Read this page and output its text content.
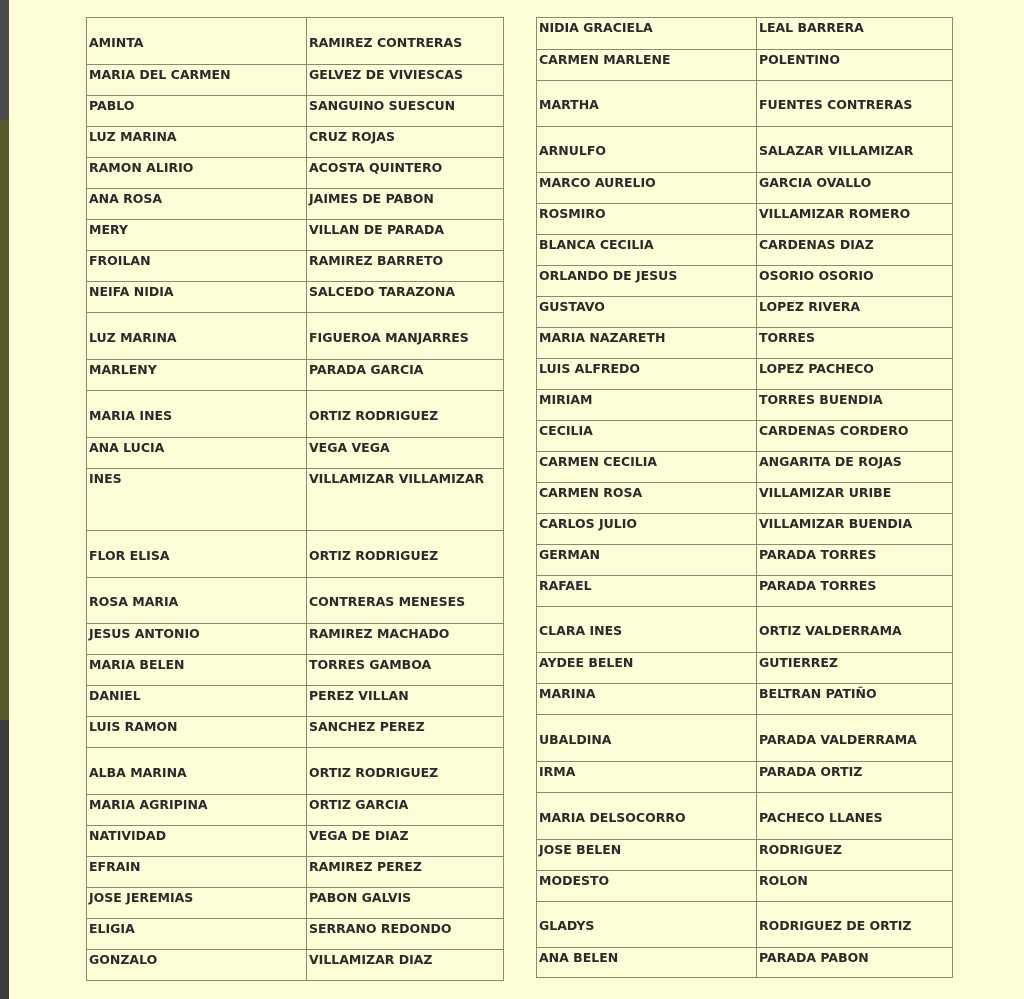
AMINTA	RAMIREZ CONTRERAS
MARIA DEL CARMEN	GELVEZ DE VIVIESCAS
PABLO	SANGUINO SUESCUN
LUZ MARINA	CRUZ ROJAS
RAMON ALIRIO	ACOSTA QUINTERO
ANA ROSA	JAIMES DE PABON
MERY	VILLAN DE PARADA
FROILAN	RAMIREZ BARRETO
NEIFA NIDIA	SALCEDO TARAZONA
LUZ MARINA	FIGUEROA MANJARRES
MARLENY	PARADA GARCIA
MARIA INES	ORTIZ RODRIGUEZ
ANA LUCIA	VEGA VEGA
INES	VILLAMIZAR VILLAMIZAR
FLOR ELISA	ORTIZ RODRIGUEZ
ROSA MARIA	CONTRERAS MENESES
JESUS ANTONIO	RAMIREZ MACHADO
MARIA BELEN	TORRES GAMBOA
DANIEL	PEREZ VILLAN
LUIS RAMON	SANCHEZ PEREZ
ALBA MARINA	ORTIZ RODRIGUEZ
MARIA AGRIPINA	ORTIZ GARCIA
NATIVIDAD	VEGA DE DIAZ
EFRAIN	RAMIREZ PEREZ
JOSE JEREMIAS	PABON GALVIS
ELIGIA	SERRANO REDONDO
GONZALO	VILLAMIZAR DIAZ
NIDIA GRACIELA	LEAL BARRERA
CARMEN MARLENE	POLENTINO
MARTHA	FUENTES CONTRERAS
ARNULFO	SALAZAR VILLAMIZAR
MARCO AURELIO	GARCIA OVALLO
ROSMIRO	VILLAMIZAR ROMERO
BLANCA CECILIA	CARDENAS DIAZ
ORLANDO DE JESUS	OSORIO OSORIO
GUSTAVO	LOPEZ RIVERA
MARIA NAZARETH	TORRES
LUIS ALFREDO	LOPEZ PACHECO
MIRIAM	TORRES BUENDIA
CECILIA	CARDENAS CORDERO
CARMEN CECILIA	ANGARITA DE ROJAS
CARMEN ROSA	VILLAMIZAR URIBE
CARLOS JULIO	VILLAMIZAR BUENDIA
GERMAN	PARADA TORRES
RAFAEL	PARADA TORRES
CLARA INES	ORTIZ VALDERRAMA
AYDEE BELEN	GUTIERREZ
MARINA	BELTRAN PATIÑO
UBALDINA	PARADA VALDERRAMA
IRMA	PARADA ORTIZ
MARIA DELSOCORRO	PACHECO LLANES
JOSE BELEN	RODRIGUEZ
MODESTO	ROLON
GLADYS	RODRIGUEZ DE ORTIZ
ANA BELEN	PARADA PABON
